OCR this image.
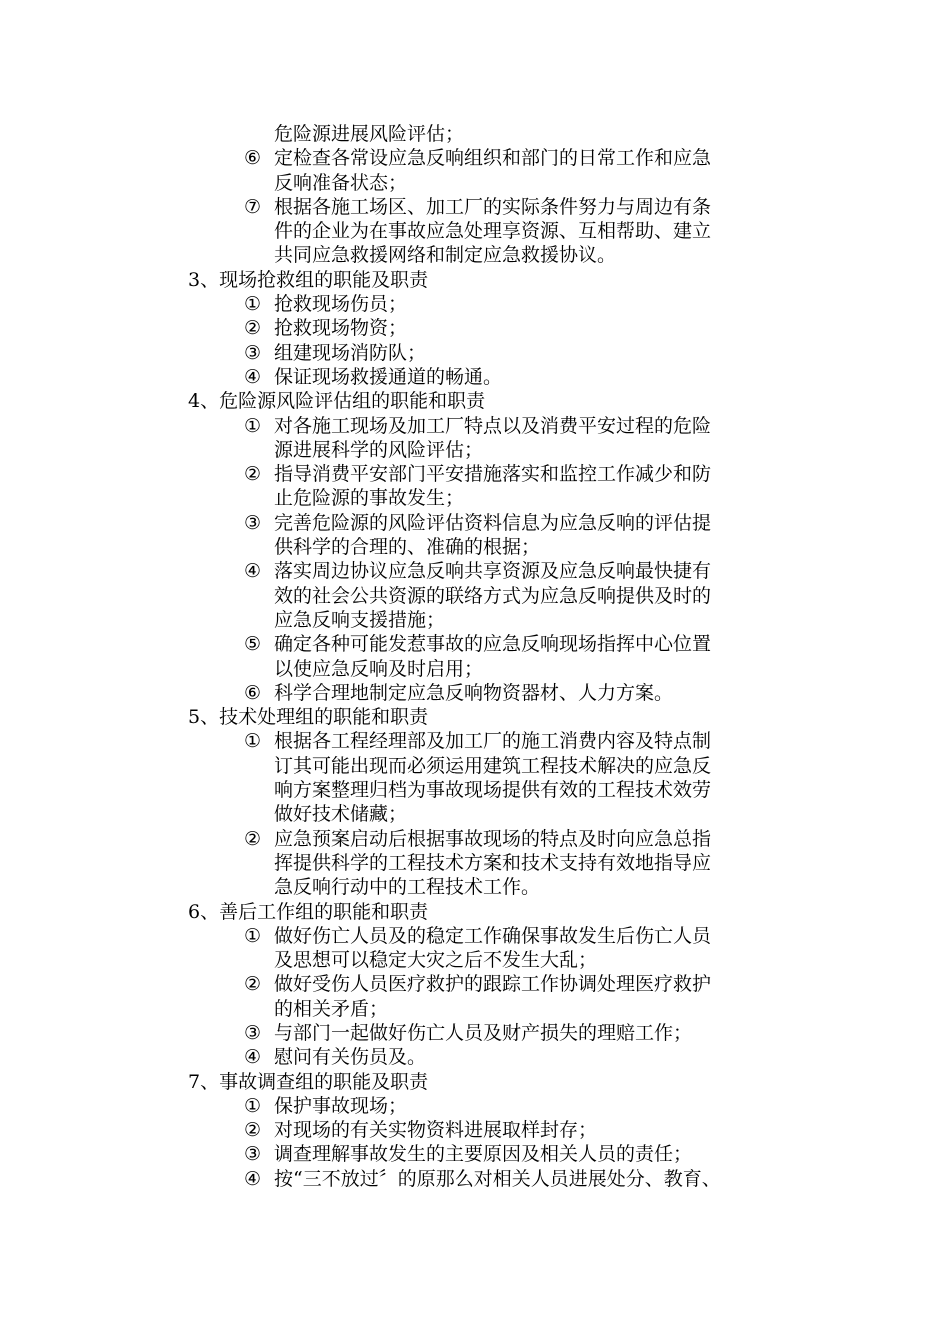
危险源进展风险评估；
⑥ 定检查各常设应急反响组织和部门的日常工作和应急
反响准备状态；
⑦ 根据各施工场区、加工厂的实际条件努力与周边有条
件的企业为在事故应急处理享资源、互相帮助、建立
共同应急救援网络和制定应急救援协议。
3、现场抢救组的职能及职责
① 抢救现场伤员；
② 抢救现场物资；
③ 组建现场消防队；
④ 保证现场救援通道的畅通。
4、危险源风险评估组的职能和职责
① 对各施工现场及加工厂特点以及消费平安过程的危险
源进展科学的风险评估；
② 指导消费平安部门平安措施落实和监控工作减少和防
止危险源的事故发生；
③ 完善危险源的风险评估资料信息为应急反响的评估提
供科学的合理的、准确的根据；
④ 落实周边协议应急反响共享资源及应急反响最快捷有
效的社会公共资源的联络方式为应急反响提供及时的
应急反响支援措施；
⑤ 确定各种可能发惹事故的应急反响现场指挥中心位置
以使应急反响及时启用；
⑥ 科学合理地制定应急反响物资器材、人力方案。
5、技术处理组的职能和职责
① 根据各工程经理部及加工厂的施工消费内容及特点制
订其可能出现而必须运用建筑工程技术解决的应急反
响方案整理归档为事故现场提供有效的工程技术效劳
做好技术储藏；
② 应急预案启动后根据事故现场的特点及时向应急总指
挥提供科学的工程技术方案和技术支持有效地指导应
急反响行动中的工程技术工作。
6、善后工作组的职能和职责
① 做好伤亡人员及的稳定工作确保事故发生后伤亡人员
及思想可以稳定大灾之后不发生大乱；
② 做好受伤人员医疗救护的跟踪工作协调处理医疗救护
的相关矛盾；
③ 与部门一起做好伤亡人员及财产损失的理赔工作；
④ 慰问有关伤员及。
7、事故调查组的职能及职责
① 保护事故现场；
② 对现场的有关实物资料进展取样封存；
③ 调查理解事故发生的主要原因及相关人员的责任；
④ 按“三不放过〞的原那么对相关人员进展处分、教育、
